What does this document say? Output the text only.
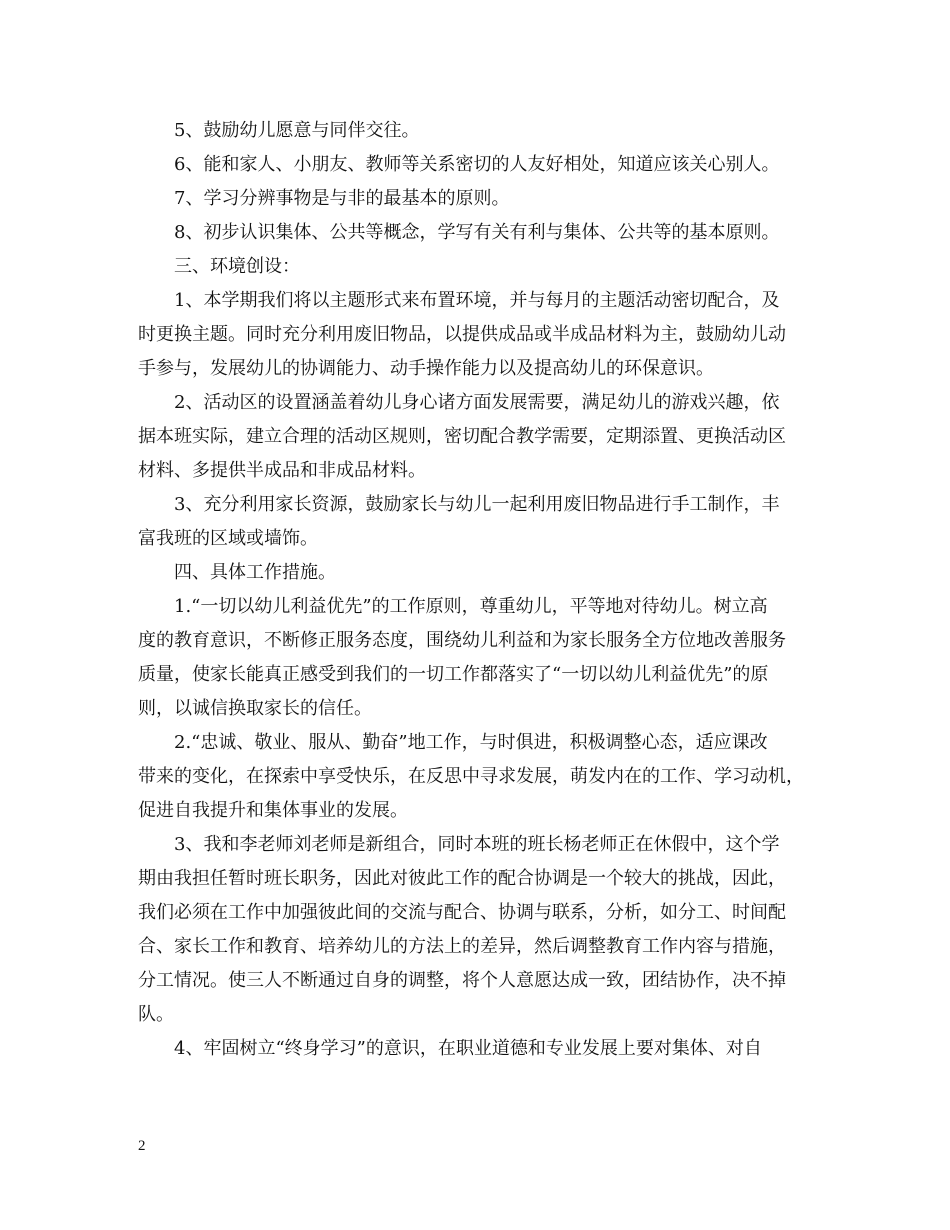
5、鼓励幼儿愿意与同伴交往。
6、能和家人、小朋友、教师等关系密切的人友好相处，知道应该关心别人。
7、学习分辨事物是与非的最基本的原则。
8、初步认识集体、公共等概念，学写有关有利与集体、公共等的基本原则。
三、环境创设：
1、本学期我们将以主题形式来布置环境，并与每月的主题活动密切配合，及
时更换主题。同时充分利用废旧物品，以提供成品或半成品材料为主，鼓励幼儿动
手参与，发展幼儿的协调能力、动手操作能力以及提高幼儿的环保意识。
2、活动区的设置涵盖着幼儿身心诸方面发展需要，满足幼儿的游戏兴趣，依
据本班实际，建立合理的活动区规则，密切配合教学需要，定期添置、更换活动区
材料、多提供半成品和非成品材料。
3、充分利用家长资源，鼓励家长与幼儿一起利用废旧物品进行手工制作，丰
富我班的区域或墙饰。
四、具体工作措施。
1.“一切以幼儿利益优先”的工作原则，尊重幼儿，平等地对待幼儿。树立高
度的教育意识，不断修正服务态度，围绕幼儿利益和为家长服务全方位地改善服务
质量，使家长能真正感受到我们的一切工作都落实了“一切以幼儿利益优先”的原
则，以诚信换取家长的信任。
2.“忠诚、敬业、服从、勤奋”地工作，与时俱进，积极调整心态，适应课改
带来的变化，在探索中享受快乐，在反思中寻求发展，萌发内在的工作、学习动机，
促进自我提升和集体事业的发展。
3、我和李老师刘老师是新组合，同时本班的班长杨老师正在休假中，这个学
期由我担任暂时班长职务，因此对彼此工作的配合协调是一个较大的挑战，因此，
我们必须在工作中加强彼此间的交流与配合、协调与联系，分析，如分工、时间配
合、家长工作和教育、培养幼儿的方法上的差异，然后调整教育工作内容与措施，
分工情况。使三人不断通过自身的调整，将个人意愿达成一致，团结协作，决不掉
队。
4、牢固树立“终身学习”的意识，在职业道德和专业发展上要对集体、对自
2
